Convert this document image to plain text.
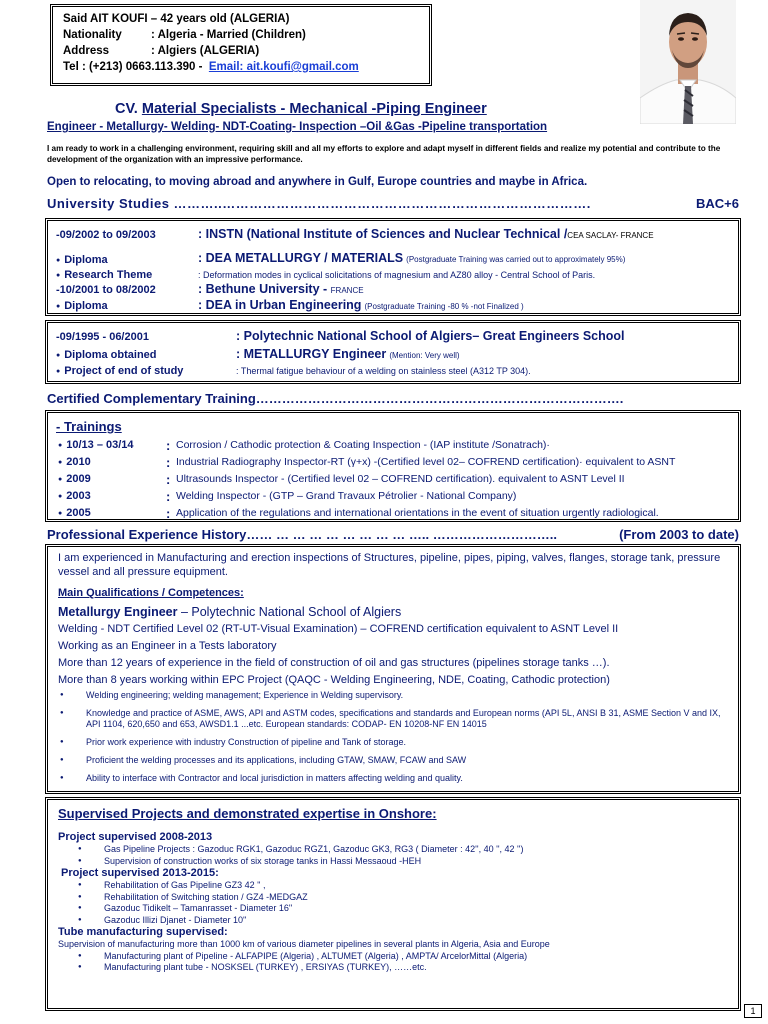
Said AIT KOUFI – 42 years old (ALGERIA)
Nationality	: Algeria - Married (Children)
Address	: Algiers (ALGERIA)
Tel : (+213) 0663.113.390 - Email: ait.koufi@gmail.com
CV. Material Specialists - Mechanical -Piping Engineer
Engineer - Metallurgy- Welding- NDT-Coating- Inspection –Oil &Gas -Pipeline transportation
I am ready to work in a challenging environment, requiring skill and all my efforts to explore and adapt myself in different fields and realize my potential and contribute to the development of the organization with an impressive performance.
Open to relocating, to moving abroad and anywhere in Gulf, Europe countries and maybe in Africa.
University Studies ………..……………………………………………………………………….	BAC+6
-09/2002 to 09/2003	: INSTN (National Institute of Sciences and Nuclear Technical /CEA SACLAY- FRANCE
● Diploma	: DEA METALLURGY / MATERIALS (Postgraduate Training was carried out to approximately 95%)
● Research Theme	: Deformation modes in cyclical solicitations of magnesium and AZ80 alloy - Central School of Paris.
-10/2001 to 08/2002	: Bethune University - FRANCE
● Diploma	: DEA in Urban Engineering (Postgraduate Training -80 % -not Finalized )
-09/1995 - 06/2001	: Polytechnic National School of Algiers– Great Engineers School
● Diploma obtained	: METALLURGY Engineer (Mention: Very well)
● Project of end of study	: Thermal fatigue behaviour of a welding on stainless steel (A312 TP 304).
Certified Complementary Training………………………………………………………………………….
- Trainings
● 10/13 – 03/14 : Corrosion / Cathodic protection & Coating Inspection - (IAP institute /Sonatrach)·
● 2010	: Industrial Radiography Inspector-RT (γ+x) -(Certified level 02– COFREND certification)· equivalent to ASNT
● 2009	: Ultrasounds Inspector - (Certified level 02 – COFREND certification). equivalent to ASNT Level II
● 2003	: Welding Inspector - (GTP – Grand Travaux Pétrolier - National Company)
● 2005	: Application of the regulations and international orientations in the event of situation urgently radiological.
Professional Experience History…… … … … … … … … … ….. ………………………..	(From 2003 to date)
I am experienced in Manufacturing and erection inspections of Structures, pipeline, pipes, piping, valves, flanges, storage tank, pressure vessel and all pressure equipment.
Main Qualifications / Competences:
Metallurgy Engineer – Polytechnic National School of Algiers
Welding - NDT Certified Level 02 (RT-UT-Visual Examination) – COFREND certification equivalent to ASNT Level II
Working as an Engineer in a Tests laboratory
More than 12 years of experience in the field of construction of oil and gas structures (pipelines storage tanks …).
More than 8 years working within EPC Project (QAQC - Welding Engineering, NDE, Coating, Cathodic protection)
● Welding engineering; welding management; Experience in Welding supervisory.
● Knowledge and practice of ASME, AWS, API and ASTM codes, specifications and standards and European norms (API 5L, ANSI B 31, ASME Section V and IX, API 1104, 620,650 and 653, AWSD1.1 ...etc. European standards: CODAP- EN 10208-NF EN 14015
● Prior work experience with industry Construction of pipeline and Tank of storage.
● Proficient the welding processes and its applications, including GTAW, SMAW, FCAW and SAW
● Ability to interface with Contractor and local jurisdiction in matters affecting welding and quality.
Supervised Projects and demonstrated expertise in Onshore:
Project supervised 2008-2013
● Gas Pipeline Projects : Gazoduc RGK1, Gazoduc RGZ1, Gazoduc GK3, RG3 ( Diameter : 42'', 40 '', 42 '')
● Supervision of construction works of six storage tanks in Hassi Messaoud -HEH
Project supervised 2013-2015:
● Rehabilitation of Gas Pipeline GZ3 42 '' ,
● Rehabilitation of Switching station / GZ4 -MEDGAZ
● Gazoduc Tidikelt – Tamanrasset - Diameter 16''
● Gazoduc Illizi Djanet - Diameter 10''
Tube manufacturing supervised:
Supervision of manufacturing more than 1000 km of various diameter pipelines in several plants in Algeria, Asia and Europe
● Manufacturing plant of Pipeline - ALFAPIPE (Algeria) , ALTUMET (Algeria) , AMPTA/ ArcelorMittal (Algeria)
● Manufacturing plant tube - NOSKSEL (TURKEY) , ERSIYAS (TURKEY), ……etc.
1
